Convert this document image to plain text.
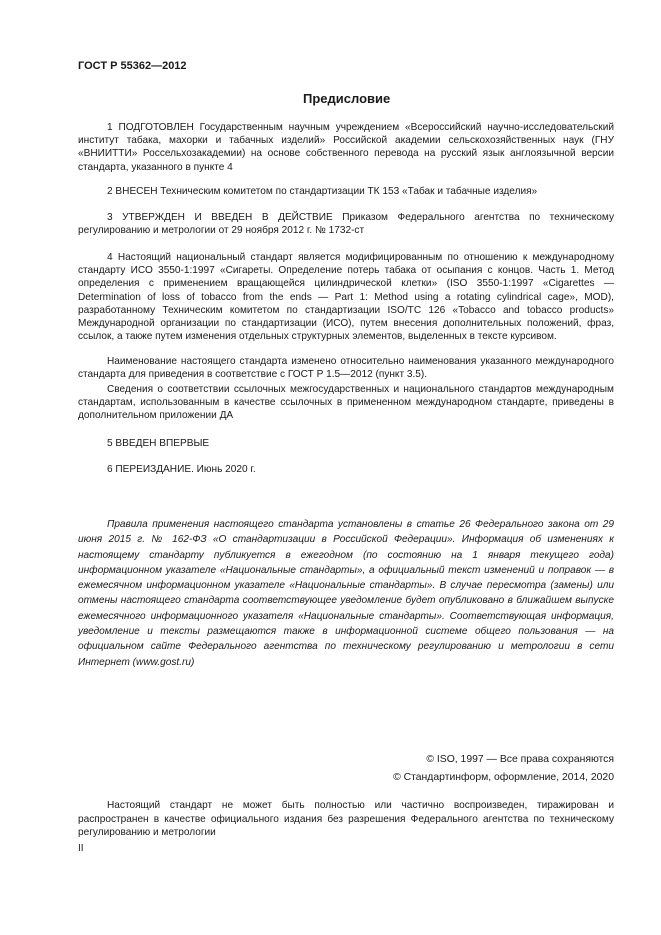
ГОСТ Р 55362—2012
Предисловие

1 ПОДГОТОВЛЕН Государственным научным учреждением «Всероссийский научно-исследовательский институт табака, махорки и табачных изделий» Российской академии сельскохозяйственных наук (ГНУ «ВНИИТТИ» Россельхозакадемии) на основе собственного перевода на русский язык англоязычной версии стандарта, указанного в пункте 4

2 ВНЕСЕН Техническим комитетом по стандартизации ТК 153 «Табак и табачные изделия»

3 УТВЕРЖДЕН И ВВЕДЕН В ДЕЙСТВИЕ Приказом Федерального агентства по техническому регулированию и метрологии от 29 ноября 2012 г. № 1732-ст

4 Настоящий национальный стандарт является модифицированным по отношению к международному стандарту ИСО 3550-1:1997 «Сигареты. Определение потерь табака от осыпания с концов. Часть 1. Метод определения с применением вращающейся цилиндрической клетки» (ISO 3550-1:1997 «Cigarettes — Determination of loss of tobacco from the ends — Part 1: Method using a rotating cylindrical cage», MOD), разработанному Техническим комитетом по стандартизации ISO/TC 126 «Tobacco and tobacco products» Международной организации по стандартизации (ИСО), путем внесения дополнительных положений, фраз, ссылок, а также путем изменения отдельных структурных элементов, выделенных в тексте курсивом.

Наименование настоящего стандарта изменено относительно наименования указанного международного стандарта для приведения в соответствие с ГОСТ Р 1.5—2012 (пункт 3.5).

Сведения о соответствии ссылочных межгосударственных и национального стандартов международным стандартам, использованным в качестве ссылочных в примененном международном стандарте, приведены в дополнительном приложении ДА

5 ВВЕДЕН ВПЕРВЫЕ

6 ПЕРЕИЗДАНИЕ. Июнь 2020 г.

Правила применения настоящего стандарта установлены в статье 26 Федерального закона от 29 июня 2015 г. № 162-ФЗ «О стандартизации в Российской Федерации». Информация об изменениях к настоящему стандарту публикуется в ежегодном (по состоянию на 1 января текущего года) информационном указателе «Национальные стандарты», а официальный текст изменений и поправок — в ежемесячном информационном указателе «Национальные стандарты». В случае пересмотра (замены) или отмены настоящего стандарта соответствующее уведомление будет опубликовано в ближайшем выпуске ежемесячного информационного указателя «Национальные стандарты». Соответствующая информация, уведомление и тексты размещаются также в информационной системе общего пользования — на официальном сайте Федерального агентства по техническому регулированию и метрологии в сети Интернет (www.gost.ru)

© ISO, 1997 — Все права сохраняются
© Стандартинформ, оформление, 2014, 2020

Настоящий стандарт не может быть полностью или частично воспроизведен, тиражирован и распространен в качестве официального издания без разрешения Федерального агентства по техническому регулированию и метрологии

II
